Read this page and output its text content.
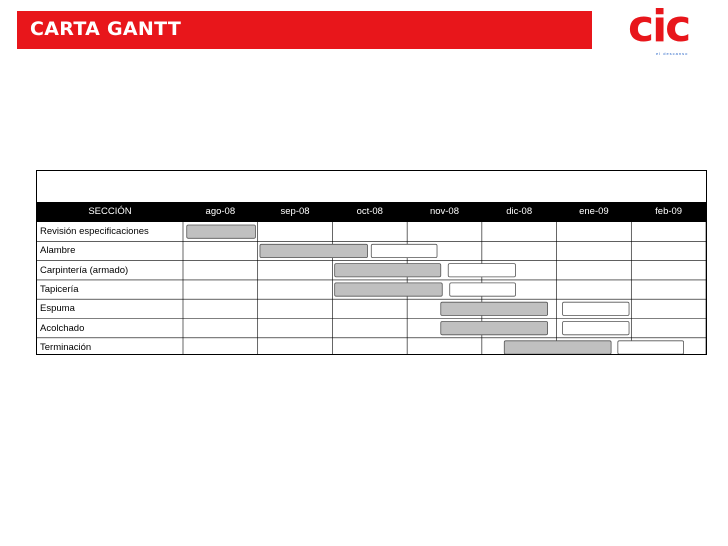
CARTA GANTT	cic
el descanso
SECCIÓN	ago-08	sep-08	oct-08	nov-08	dic-08	ene-09	feb-09
Revisión especificaciones
Alambre
Carpintería (armado)
Tapicería
Espuma
Acolchado
Terminación
